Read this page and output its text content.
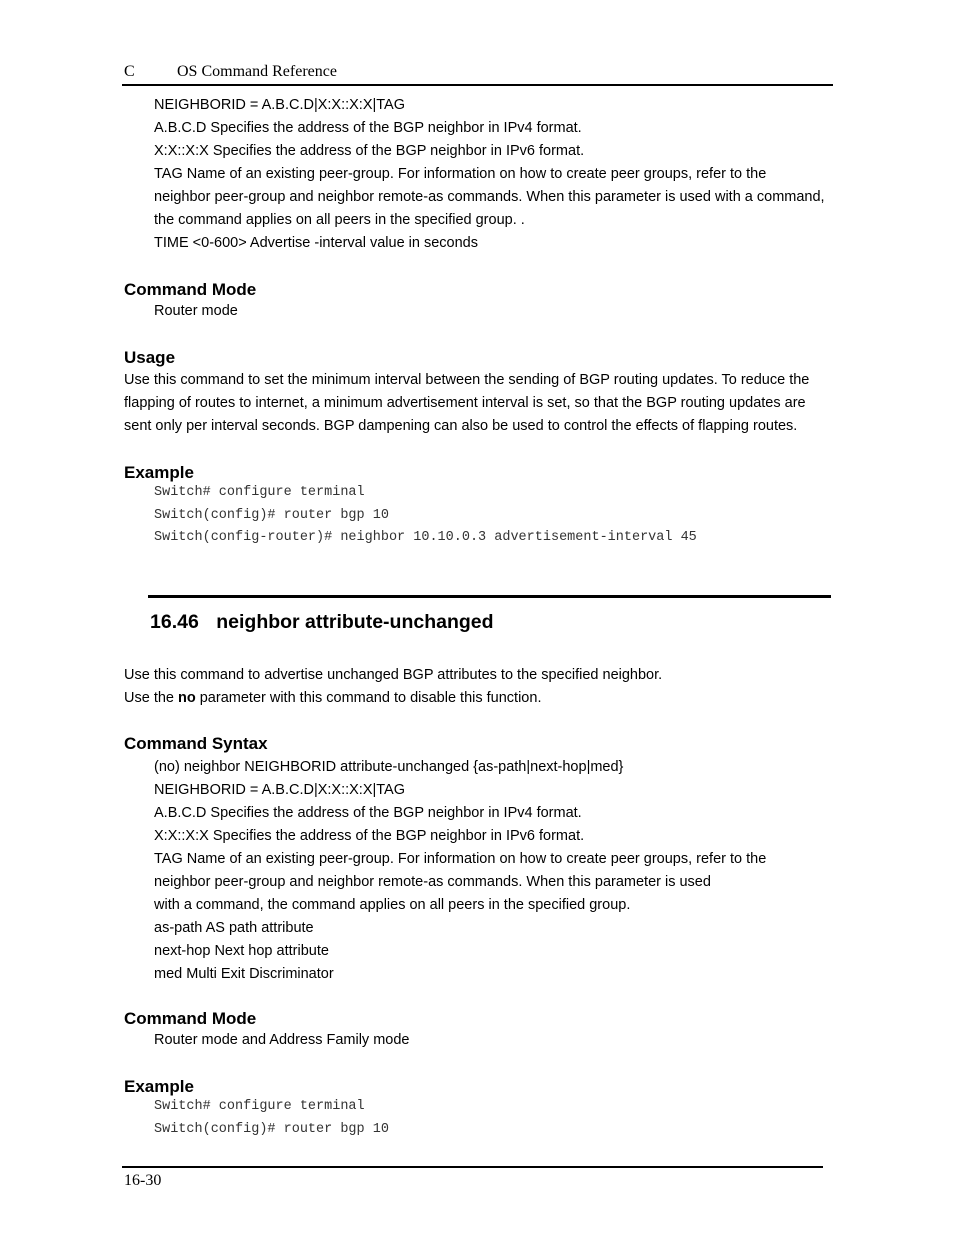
C	OS Command Reference
NEIGHBORID = A.B.C.D|X:X::X:X|TAG
A.B.C.D Specifies the address of the BGP neighbor in IPv4 format.
X:X::X:X Specifies the address of the BGP neighbor in IPv6 format.
TAG Name of an existing peer-group. For information on how to create peer groups, refer to the
neighbor peer-group and neighbor remote-as commands. When this parameter is used with a command,
the command applies on all peers in the specified group. .
TIME <0-600> Advertise -interval value in seconds
Command Mode
Router mode
Usage
Use this command to set the minimum interval between the sending of BGP routing updates. To reduce the
flapping of routes to internet, a minimum advertisement interval is set, so that the BGP routing updates are
sent only per interval seconds. BGP dampening can also be used to control the effects of flapping routes.
Example
Switch# configure terminal
Switch(config)# router bgp 10
Switch(config-router)# neighbor 10.10.0.3 advertisement-interval 45
16.46 neighbor attribute-unchanged
Use this command to advertise unchanged BGP attributes to the specified neighbor.
Use the no parameter with this command to disable this function.
Command Syntax
(no) neighbor NEIGHBORID attribute-unchanged {as-path|next-hop|med}
NEIGHBORID = A.B.C.D|X:X::X:X|TAG
A.B.C.D Specifies the address of the BGP neighbor in IPv4 format.
X:X::X:X Specifies the address of the BGP neighbor in IPv6 format.
TAG Name of an existing peer-group. For information on how to create peer groups, refer to the
neighbor peer-group and neighbor remote-as commands. When this parameter is used
with a command, the command applies on all peers in the specified group.
as-path AS path attribute
next-hop Next hop attribute
med Multi Exit Discriminator
Command Mode
Router mode and Address Family mode
Example
Switch# configure terminal
Switch(config)# router bgp 10
16-30
